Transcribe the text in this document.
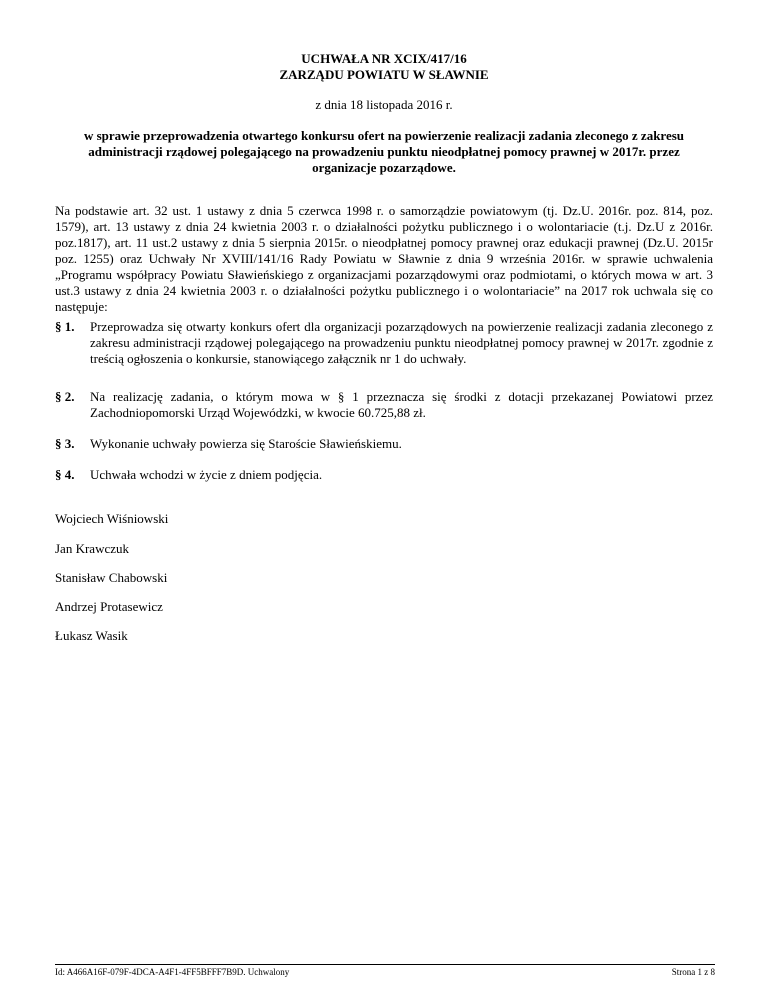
UCHWAŁA NR XCIX/417/16
ZARZĄDU POWIATU W SŁAWNIE
z dnia 18 listopada 2016 r.
w sprawie przeprowadzenia otwartego konkursu ofert na powierzenie realizacji zadania zleconego z zakresu administracji rządowej polegającego na prowadzeniu punktu nieodpłatnej pomocy prawnej w 2017r. przez organizacje pozarządowe.
Na podstawie art. 32 ust. 1 ustawy z dnia 5 czerwca 1998 r. o samorządzie powiatowym (tj. Dz.U. 2016r. poz. 814, poz. 1579), art. 13 ustawy z dnia 24 kwietnia 2003 r. o działalności pożytku publicznego i o wolontariacie (t.j. Dz.U z 2016r. poz.1817), art. 11 ust.2 ustawy z dnia 5 sierpnia 2015r. o nieodpłatnej pomocy prawnej oraz edukacji prawnej (Dz.U. 2015r poz. 1255) oraz Uchwały Nr XVIII/141/16 Rady Powiatu w Sławnie z dnia 9 września 2016r. w sprawie uchwalenia „Programu współpracy Powiatu Sławieńskiego z organizacjami pozarządowymi oraz podmiotami, o których mowa w art. 3 ust.3 ustawy z dnia 24 kwietnia 2003 r. o działalności pożytku publicznego i o wolontariacie” na 2017 rok uchwala się co następuje:
§ 1.	Przeprowadza się otwarty konkurs ofert dla organizacji pozarządowych na powierzenie realizacji zadania zleconego z zakresu administracji rządowej polegającego na prowadzeniu punktu nieodpłatnej pomocy prawnej w 2017r. zgodnie z treścią ogłoszenia o konkursie, stanowiącego załącznik nr 1 do uchwały.
§ 2.	Na realizację zadania, o którym mowa w § 1 przeznacza się środki z dotacji przekazanej Powiatowi przez Zachodniopomorski Urząd Wojewódzki, w kwocie 60.725,88 zł.
§ 3.	Wykonanie uchwały powierza się Staroście Sławieńskiemu.
§ 4.	Uchwała wchodzi w życie z dniem podjęcia.
Wojciech Wiśniowski
Jan Krawczuk
Stanisław Chabowski
Andrzej Protasewicz
Łukasz Wasik
Id: A466A16F-079F-4DCA-A4F1-4FF5BFFF7B9D. Uchwalony	Strona 1 z 8
